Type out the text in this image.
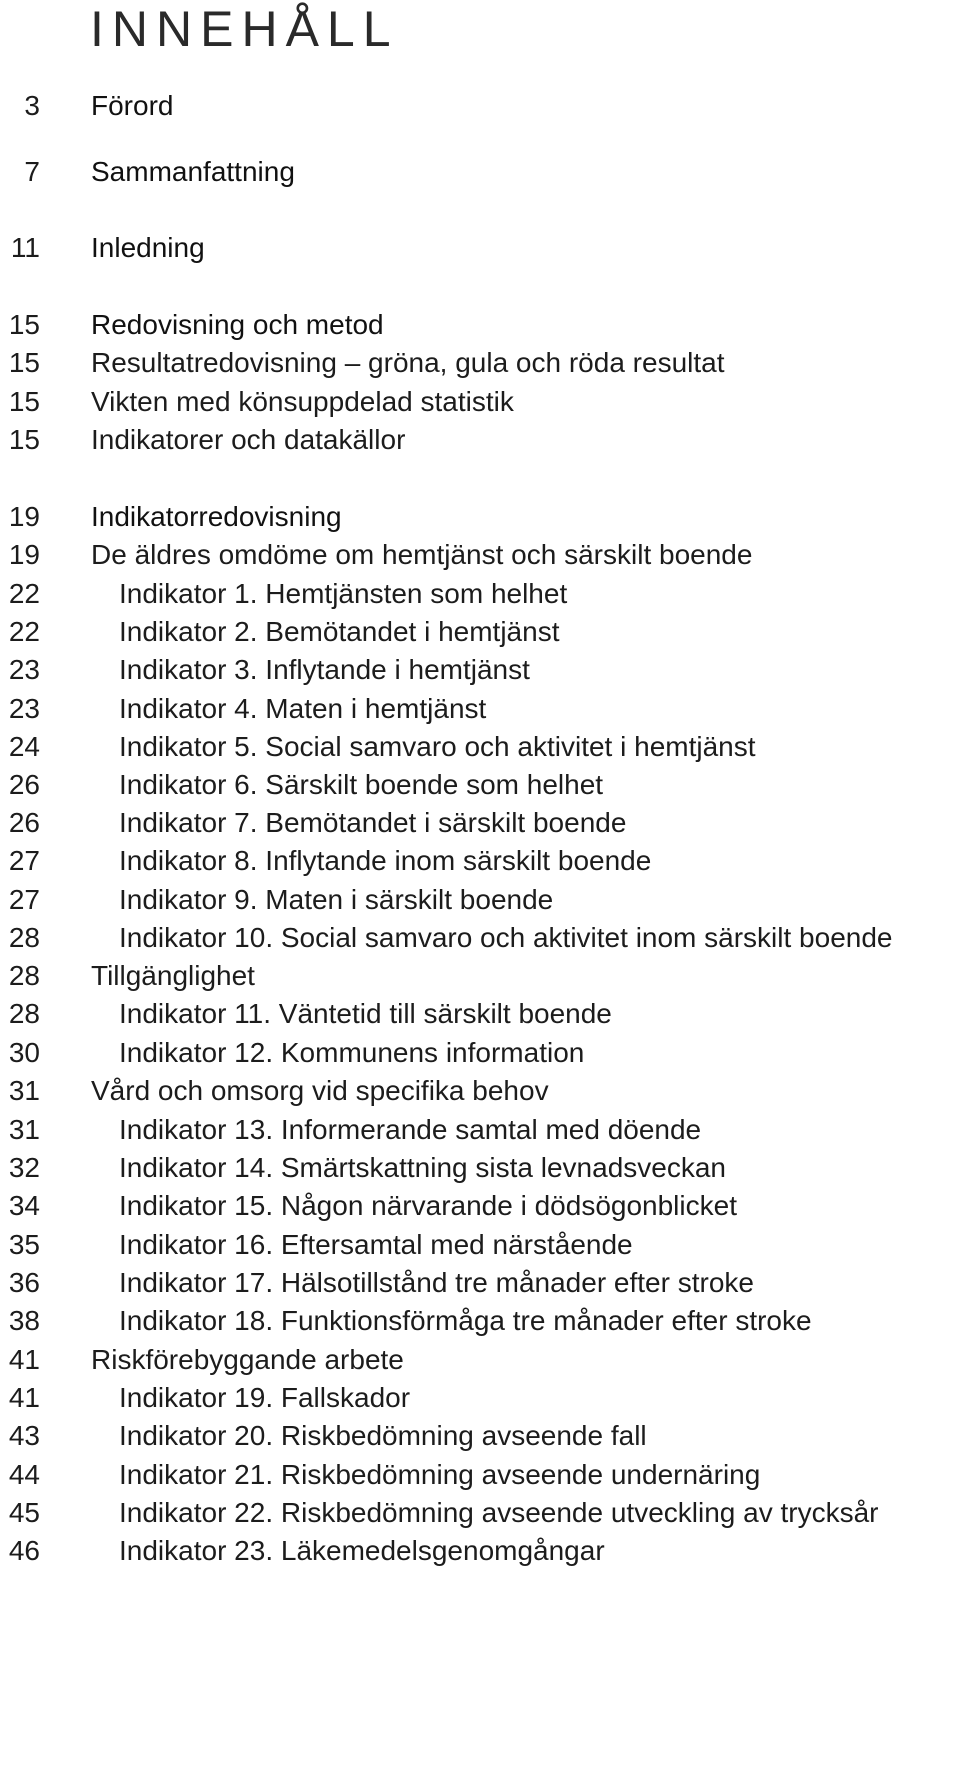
INNEHÅLL
3 Förord
7 Sammanfattning
11 Inledning
15 Redovisning och metod
15 Resultatredovisning – gröna, gula och röda resultat
15 Vikten med könsuppdelad statistik
15 Indikatorer och datakällor
19 Indikatorredovisning
19 De äldres omdöme om hemtjänst och särskilt boende
22	Indikator 1. Hemtjänsten som helhet
22	Indikator 2. Bemötandet i hemtjänst
23	Indikator 3. Inflytande i hemtjänst
23	Indikator 4. Maten i hemtjänst
24	Indikator 5. Social samvaro och aktivitet i hemtjänst
26	Indikator 6. Särskilt boende som helhet
26	Indikator 7. Bemötandet i särskilt boende
27	Indikator 8. Inflytande inom särskilt boende
27	Indikator 9. Maten i särskilt boende
28	Indikator 10. Social samvaro och aktivitet inom särskilt boende
28 Tillgänglighet
28	Indikator 11. Väntetid till särskilt boende
30	Indikator 12. Kommunens information
31 Vård och omsorg vid specifika behov
31	Indikator 13. Informerande samtal med döende
32	Indikator 14. Smärtskattning sista levnadsveckan
34	Indikator 15. Någon närvarande i dödsögonblicket
35	Indikator 16. Eftersamtal med närstående
36	Indikator 17. Hälsotillstånd tre månader efter stroke
38	Indikator 18. Funktionsförmåga tre månader efter stroke
41 Riskförebyggande arbete
41	Indikator 19. Fallskador
43	Indikator 20. Riskbedömning avseende fall
44	Indikator 21. Riskbedömning avseende undernäring
45	Indikator 22. Riskbedömning avseende utveckling av trycksår
46	Indikator 23. Läkemedelsgenomgångar
